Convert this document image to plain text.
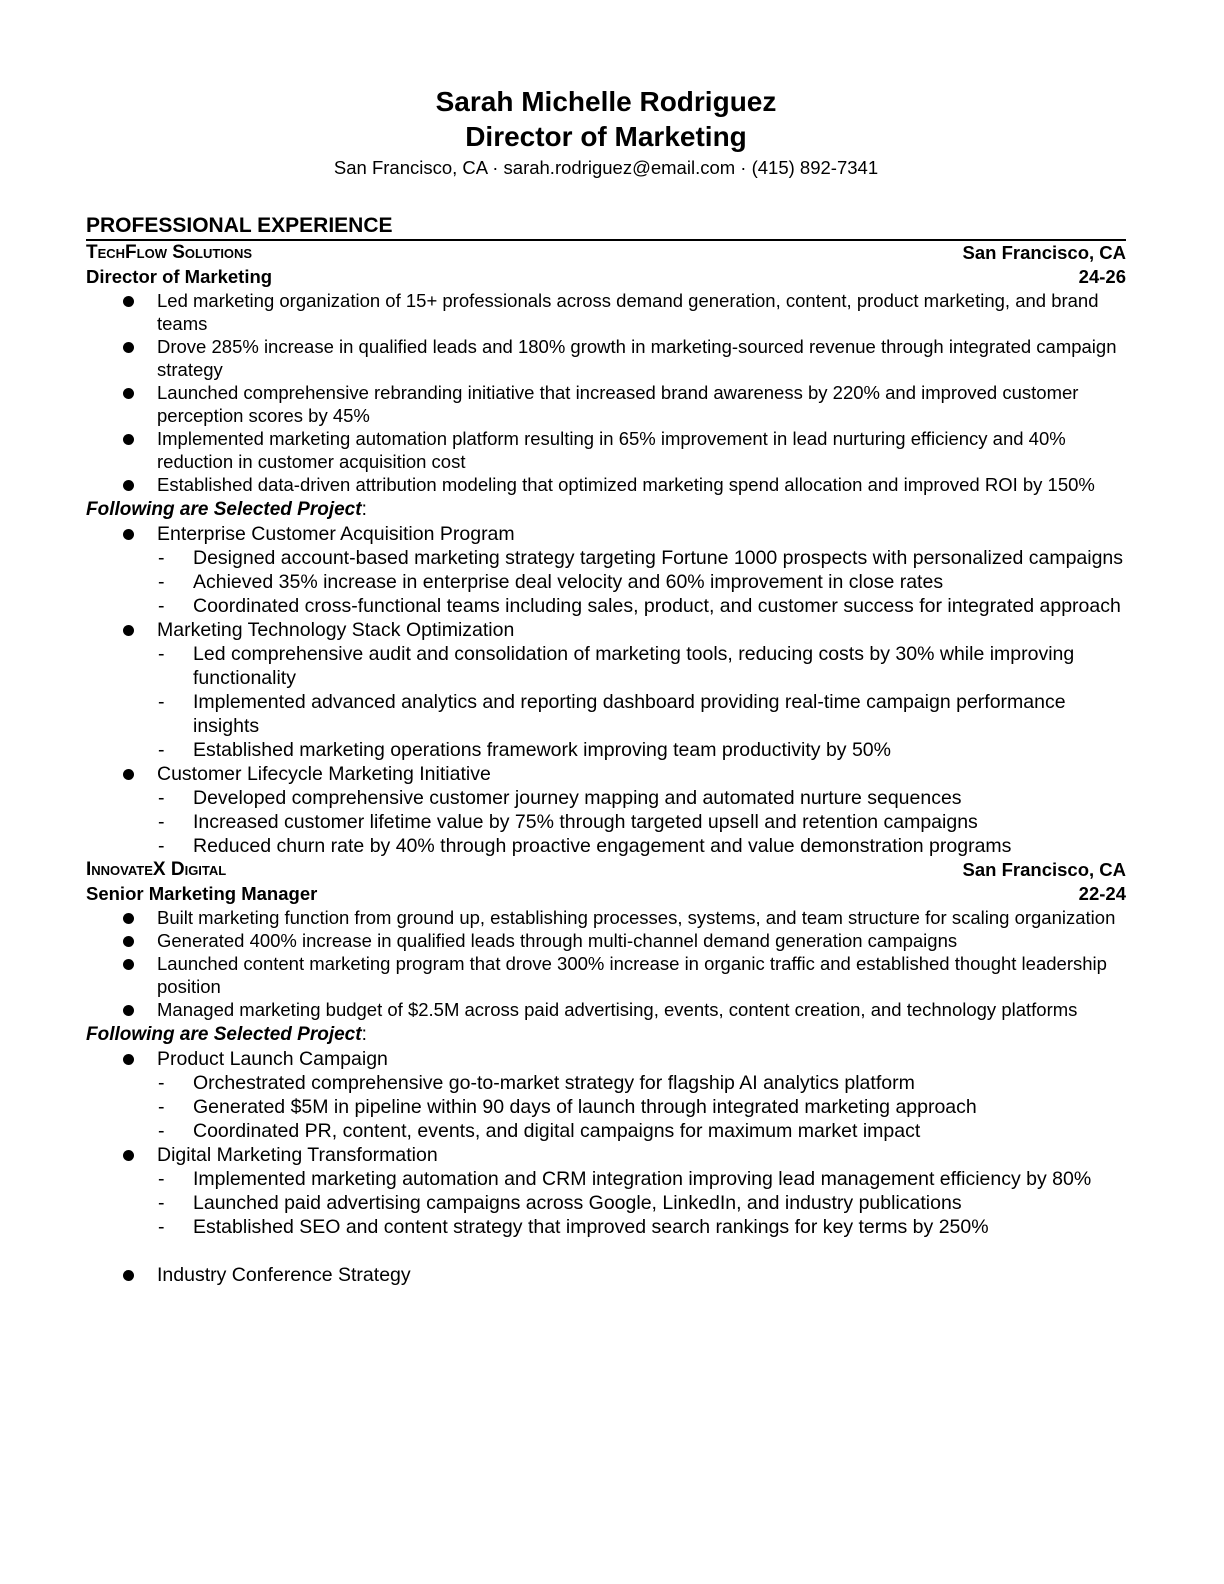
Sarah Michelle Rodriguez
Director of Marketing
San Francisco, CA · sarah.rodriguez@email.com · (415) 892-7341
PROFESSIONAL EXPERIENCE
TechFlow Solutions	San Francisco, CA
Director of Marketing	24-26
Led marketing organization of 15+ professionals across demand generation, content, product marketing, and brand teams
Drove 285% increase in qualified leads and 180% growth in marketing-sourced revenue through integrated campaign strategy
Launched comprehensive rebranding initiative that increased brand awareness by 220% and improved customer perception scores by 45%
Implemented marketing automation platform resulting in 65% improvement in lead nurturing efficiency and 40% reduction in customer acquisition cost
Established data-driven attribution modeling that optimized marketing spend allocation and improved ROI by 150%
Following are Selected Project:
Enterprise Customer Acquisition Program
- Designed account-based marketing strategy targeting Fortune 1000 prospects with personalized campaigns
- Achieved 35% increase in enterprise deal velocity and 60% improvement in close rates
- Coordinated cross-functional teams including sales, product, and customer success for integrated approach
Marketing Technology Stack Optimization
- Led comprehensive audit and consolidation of marketing tools, reducing costs by 30% while improving functionality
- Implemented advanced analytics and reporting dashboard providing real-time campaign performance insights
- Established marketing operations framework improving team productivity by 50%
Customer Lifecycle Marketing Initiative
- Developed comprehensive customer journey mapping and automated nurture sequences
- Increased customer lifetime value by 75% through targeted upsell and retention campaigns
- Reduced churn rate by 40% through proactive engagement and value demonstration programs
InnovateX Digital	San Francisco, CA
Senior Marketing Manager	22-24
Built marketing function from ground up, establishing processes, systems, and team structure for scaling organization
Generated 400% increase in qualified leads through multi-channel demand generation campaigns
Launched content marketing program that drove 300% increase in organic traffic and established thought leadership position
Managed marketing budget of $2.5M across paid advertising, events, content creation, and technology platforms
Following are Selected Project:
Product Launch Campaign
- Orchestrated comprehensive go-to-market strategy for flagship AI analytics platform
- Generated $5M in pipeline within 90 days of launch through integrated marketing approach
- Coordinated PR, content, events, and digital campaigns for maximum market impact
Digital Marketing Transformation
- Implemented marketing automation and CRM integration improving lead management efficiency by 80%
- Launched paid advertising campaigns across Google, LinkedIn, and industry publications
- Established SEO and content strategy that improved search rankings for key terms by 250%
Industry Conference Strategy
